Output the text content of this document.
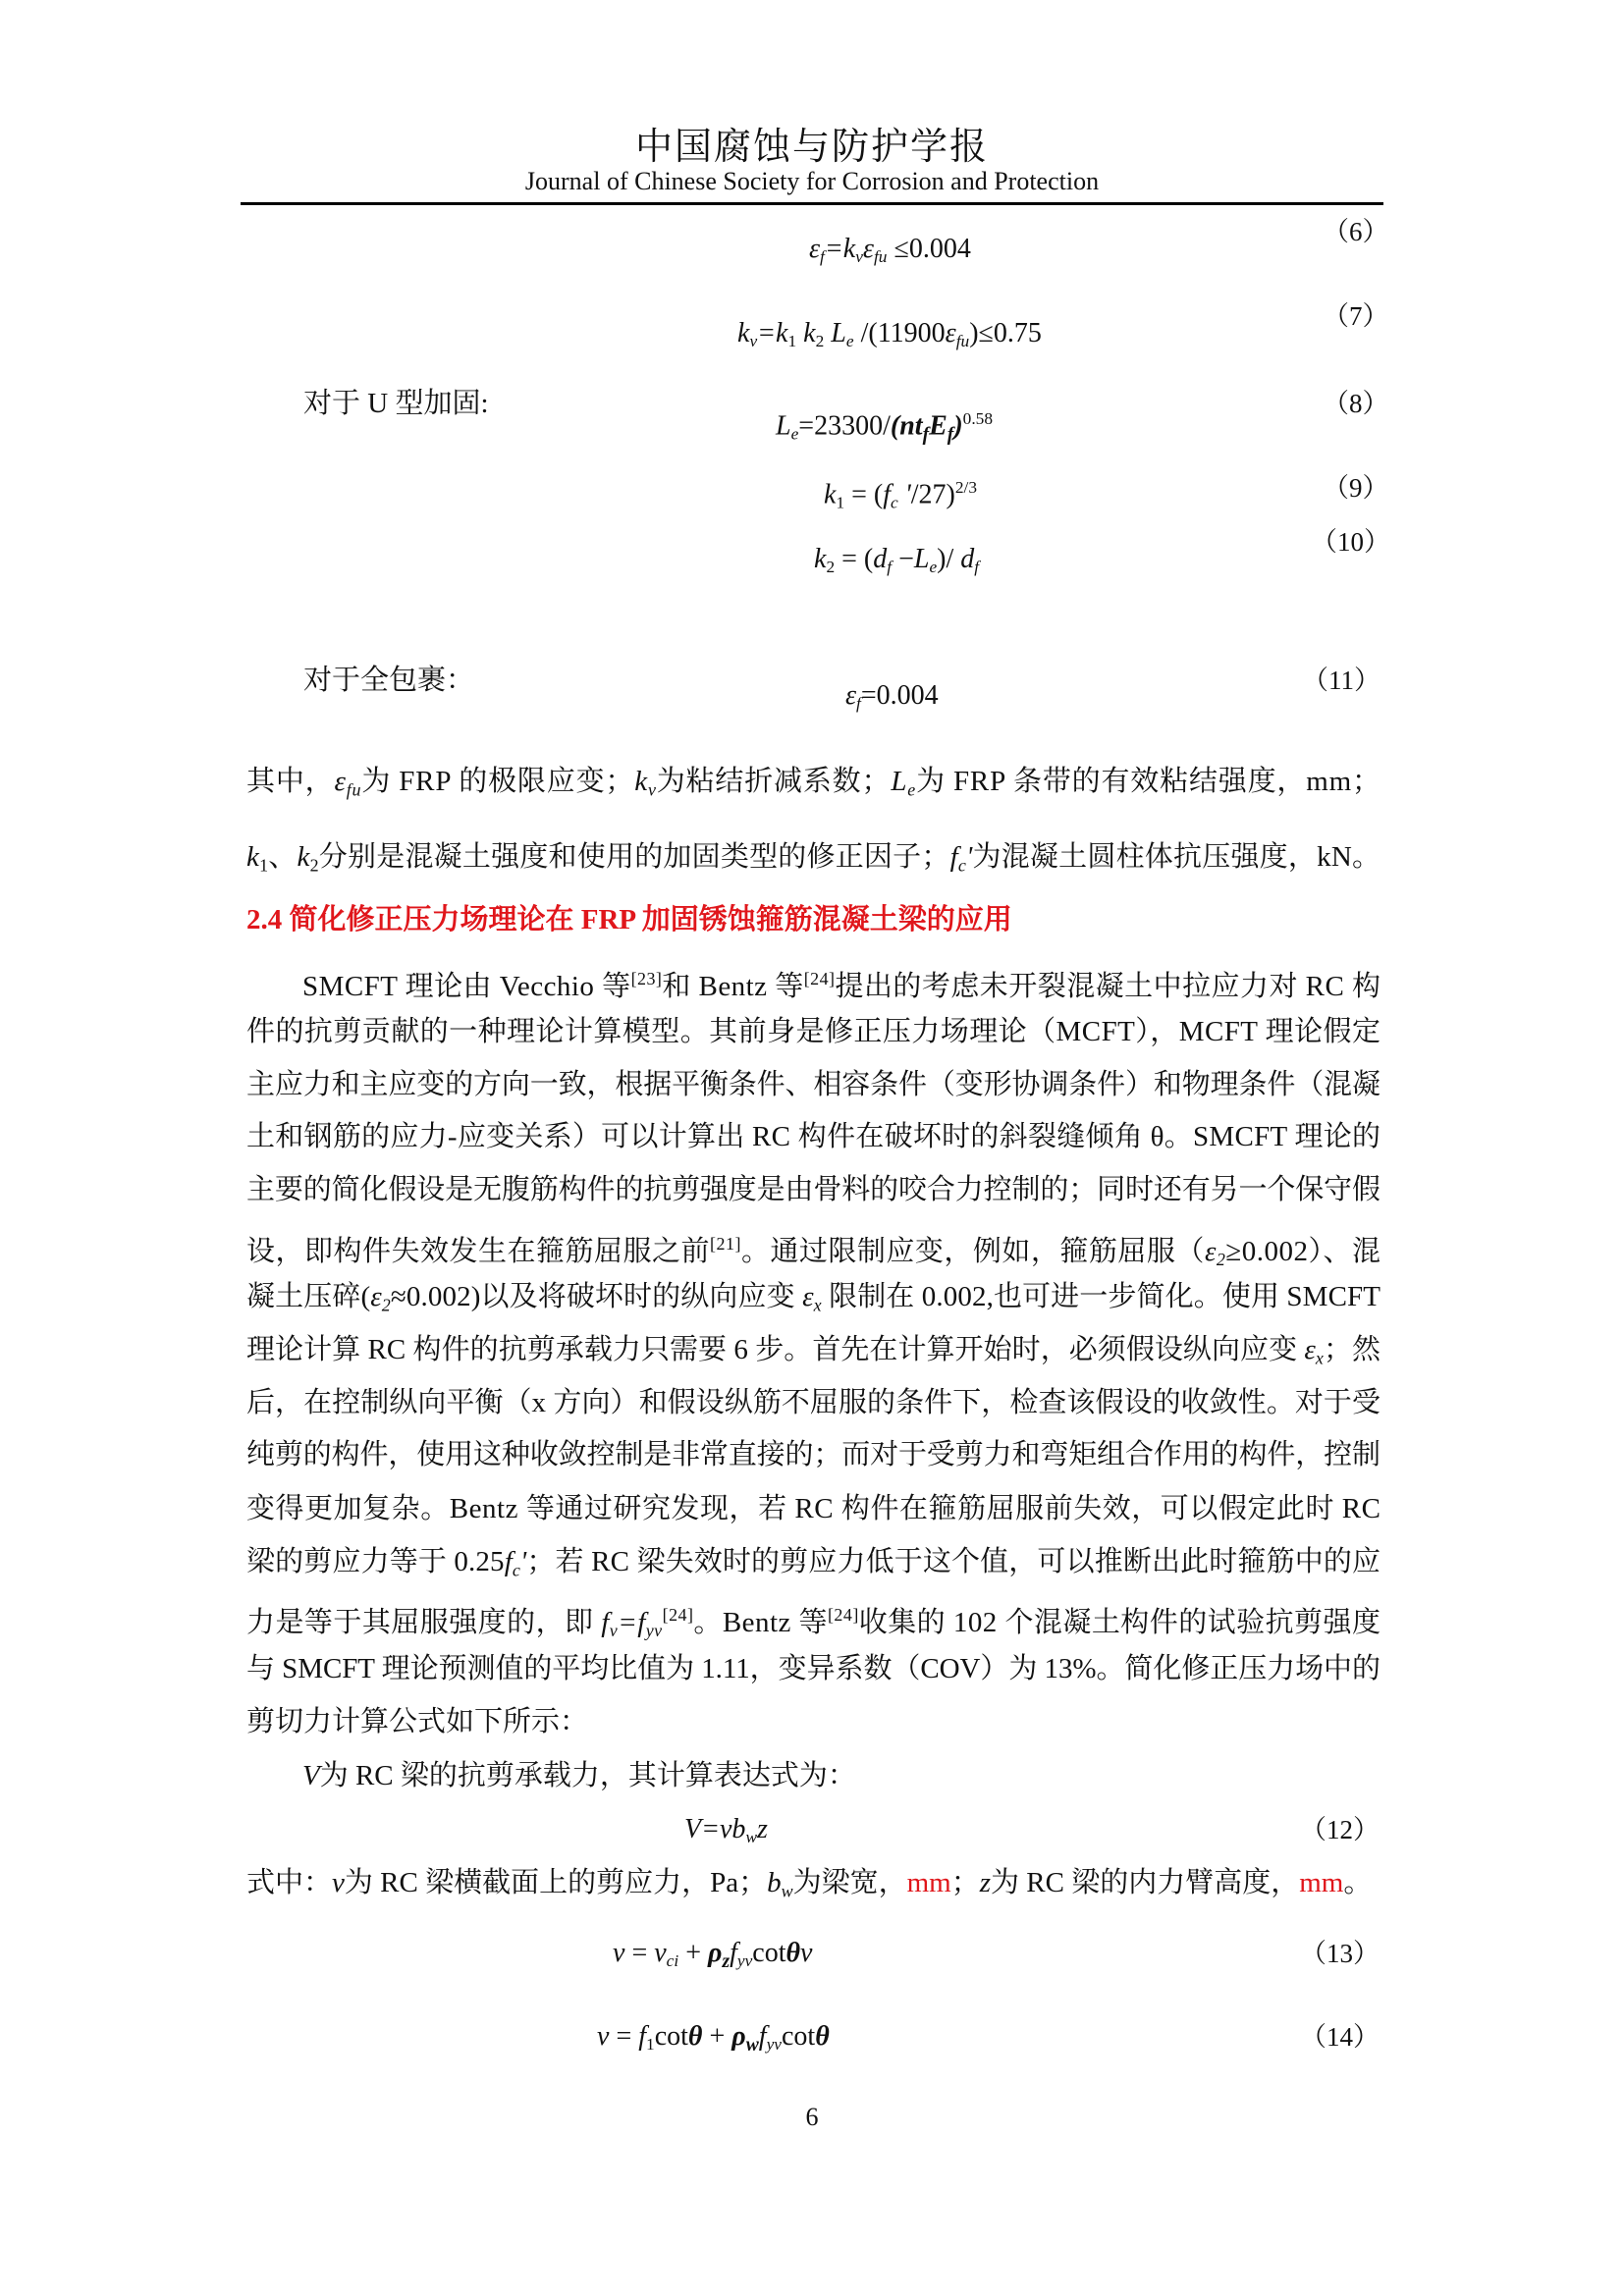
中国腐蚀与防护学报
Journal of Chinese Society for Corrosion and Protection
εf=kvεfu ≤0.004
（6）
$kv=k_1$ $k_2$ Le /(11900εfu)≤0.75
（7）
对于 U 型加固:
$Le=23300/(nt_fE_f)^{0.58}$
（8）
$k_1 = (fc$ '/27)$^{2/3}$	（9）
$k_2 = (df -Le)/$ df
（10）
对于全包裹：	εf=0.004	（11）
其中，εfu为 FRP 的极限应变；kv为粘结折减系数；Le为 FRP 条带的有效粘结强度，mm；
$k_1$、$k_2$分别是混凝土强度和使用的加固类型的修正因子；fc'为混凝土圆柱体抗压强度，kN。
2.4 简化修正压力场理论在 FRP 加固锈蚀箍筋混凝土梁的应用
SMCFT 理论由 Vecchio 等[23]和 Bentz 等[24]提出的考虑未开裂混凝土中拉应力对 RC 构
件的抗剪贡献的一种理论计算模型。其前身是修正压力场理论（MCFT），MCFT 理论假定
主应力和主应变的方向一致，根据平衡条件、相容条件（变形协调条件）和物理条件（混凝
土和钢筋的应力-应变关系）可以计算出 RC 构件在破坏时的斜裂缝倾角 θ。SMCFT 理论的
主要的简化假设是无腹筋构件的抗剪强度是由骨料的咬合力控制的；同时还有另一个保守假
设，即构件失效发生在箍筋屈服之前[21]。通过限制应变，例如，箍筋屈服（ε2≥0.002）、混
凝土压碎(ε2≈0.002)以及将破坏时的纵向应变 εx 限制在 0.002,也可进一步简化。使用 SMCFT
理论计算 RC 构件的抗剪承载力只需要 6 步。首先在计算开始时，必须假设纵向应变 εx；然
后，在控制纵向平衡（x 方向）和假设纵筋不屈服的条件下，检查该假设的收敛性。对于受
纯剪的构件，使用这种收敛控制是非常直接的；而对于受剪力和弯矩组合作用的构件，控制
变得更加复杂。Bentz 等通过研究发现，若 RC 构件在箍筋屈服前失效，可以假定此时 RC
梁的剪应力等于 0.25fc'；若 RC 梁失效时的剪应力低于这个值，可以推断出此时箍筋中的应
力是等于其屈服强度的，即 fv=fyv[24]。Bentz 等[24]收集的 102 个混凝土构件的试验抗剪强度
与 SMCFT 理论预测值的平均比值为 1.11，变异系数（COV）为 13%。简化修正压力场中的
剪切力计算公式如下所示：
V为 RC 梁的抗剪承载力，其计算表达式为：
V=vbwz	（12）
式中：v为 RC 梁横截面上的剪应力，Pa；bw为梁宽，mm；z为 RC 梁的内力臂高度，mm。
v = vci + $\rho_zfyvcot\theta v$	（13）
$v = f_1\cot\theta + \rho_wfyvcot\theta$	（14）
6
